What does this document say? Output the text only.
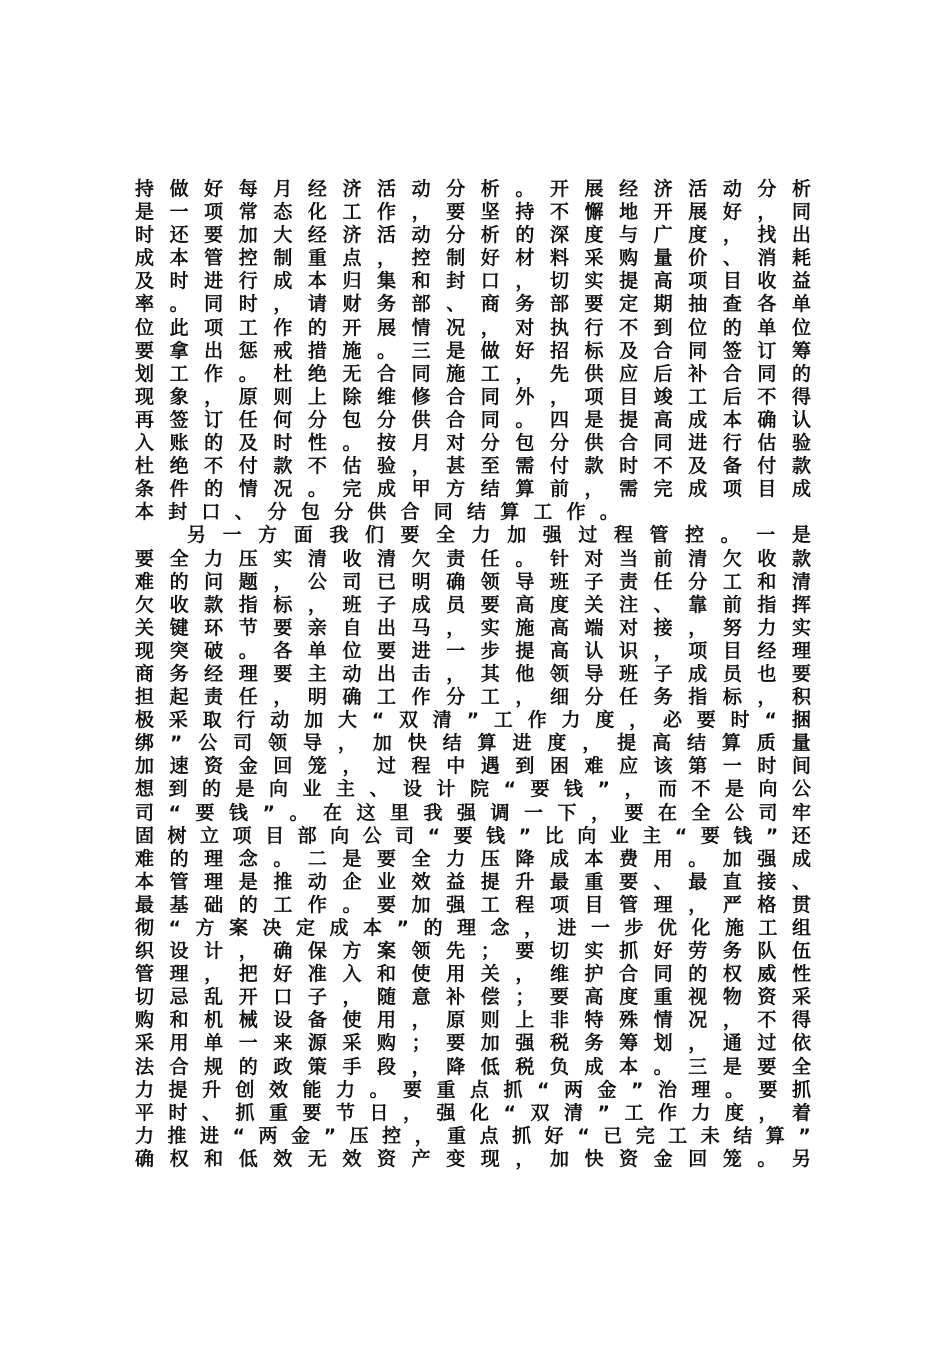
持 做 好 每 月 经 济 活 动 分 析 。 开 展 经 济 活 动 分 析
是 一 项 常 态 化 工 作 ， 要 坚 持 不 懈 地 开 展 好 ， 同
时 还 要 加 大 经 济 活 动 分 析 的 深 度 与 广 度 ， 找 出
成 本 管 控 制 重 点 ， 控 制 好 材 料 采 购 量 价 、 消 耗
及 时 进 行 成 本 归 集 和 封 口 ， 切 实 提 高 项 目 收 益
率 。 同 时 ， 请 财 务 部 、 商 务 部 要 定 期 抽 查 各 单
位 此 项 工 作 的 开 展 情 况 ， 对 执 行 不 到 位 的 单 位
要 拿 出 惩 戒 措 施 。 三 是 做 好 招 标 及 合 同 签 订 筹
划 工 作 。 杜 绝 无 合 同 施 工 ， 先 供 应 后 补 合 同 的
现 象 ， 原 则 上 除 维 修 合 同 外 ， 项 目 竣 工 后 不 得
再 签 订 任 何 分 包 分 供 合 同 。 四 是 提 高 成 本 确 认
入 账 的 及 时 性 。 按 月 对 分 包 分 供 合 同 进 行 估 验
杜 绝 不 付 款 不 估 验 ， 甚 至 需 付 款 时 不 及 备 付 款
条 件 的 情 况 。 完 成 甲 方 结 算 前 ， 需 完 成 项 目 成
本封口、分包分供合同结算工作。
另 一 方 面 我 们 要 全 力 加 强 过 程 管 控 。 一 是
要 全 力 压 实 清 收 清 欠 责 任 。 针 对 当 前 清 欠 收 款
难 的 问 题 ， 公 司 已 明 确 领 导 班 子 责 任 分 工 和 清
欠 收 款 指 标 ， 班 子 成 员 要 高 度 关 注 、 靠 前 指 挥
关 键 环 节 要 亲 自 出 马 ， 实 施 高 端 对 接 ， 努 力 实
现 突 破 。 各 单 位 要 进 一 步 提 高 认 识 ， 项 目 经 理
商 务 经 理 要 主 动 出 击 ， 其 他 领 导 班 子 成 员 也 要
担 起 责 任 ， 明 确 工 作 分 工 ， 细 分 任 务 指 标 ， 积
极 采 取 行 动 加 大 “ 双 清 ” 工 作 力 度 ， 必 要 时 “ 捆
绑 ” 公 司 领 导 ， 加 快 结 算 进 度 ， 提 高 结 算 质 量
加 速 资 金 回 笼 ， 过 程 中 遇 到 困 难 应 该 第 一 时 间
想 到 的 是 向 业 主 、 设 计 院 “ 要 钱 ” ， 而 不 是 向 公
司 “ 要 钱 ” 。 在 这 里 我 强 调 一 下 ， 要 在 全 公 司 牢
固 树 立 项 目 部 向 公 司 “ 要 钱 ” 比 向 业 主 “ 要 钱 ” 还
难 的 理 念 。 二 是 要 全 力 压 降 成 本 费 用 。 加 强 成
本 管 理 是 推 动 企 业 效 益 提 升 最 重 要 、 最 直 接 、
最 基 础 的 工 作 。 要 加 强 工 程 项 目 管 理 ， 严 格 贯
彻 “ 方 案 决 定 成 本 ” 的 理 念 ， 进 一 步 优 化 施 工 组
织 设 计 ， 确 保 方 案 领 先 ； 要 切 实 抓 好 劳 务 队 伍
管 理 ， 把 好 准 入 和 使 用 关 ， 维 护 合 同 的 权 威 性
切 忌 乱 开 口 子 ， 随 意 补 偿 ； 要 高 度 重 视 物 资 采
购 和 机 械 设 备 使 用 ， 原 则 上 非 特 殊 情 况 ， 不 得
采 用 单 一 来 源 采 购 ； 要 加 强 税 务 筹 划 ， 通 过 依
法 合 规 的 政 策 手 段 ， 降 低 税 负 成 本 。 三 是 要 全
力 提 升 创 效 能 力 。 要 重 点 抓 “ 两 金 ” 治 理 。 要 抓
平 时 、 抓 重 要 节 日 ， 强 化 “ 双 清 ” 工 作 力 度 ， 着
力 推 进 “ 两 金 ” 压 控 ， 重 点 抓 好 “ 已 完 工 未 结 算 ”
确 权 和 低 效 无 效 资 产 变 现 ， 加 快 资 金 回 笼 。 另
